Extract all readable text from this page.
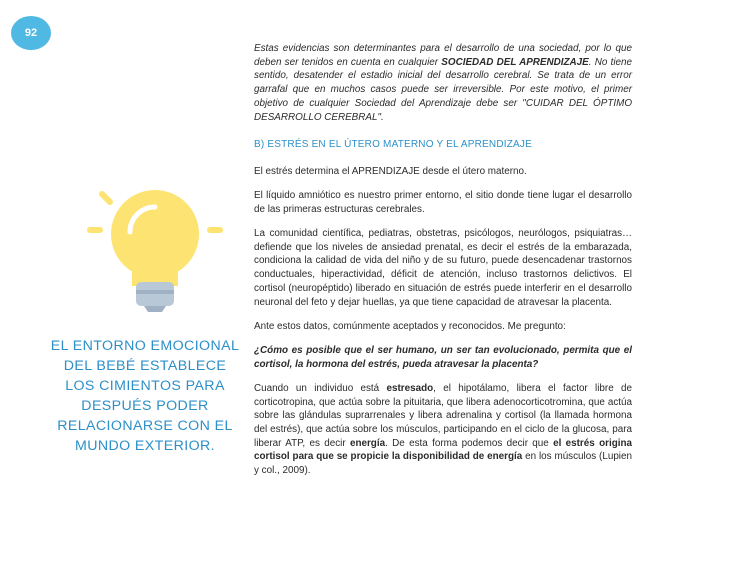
92
EL ENTORNO EMOCIONAL
DEL BEBÉ ESTABLECE
LOS CIMIENTOS PARA
DESPUÉS PODER
RELACIONARSE CON EL
MUNDO EXTERIOR.

Estas evidencias son determinantes para el desarrollo de una sociedad, por lo que deben ser tenidos en cuenta en cualquier SOCIEDAD DEL APRENDIZAJE. No tiene sentido, desatender el estadio inicial del desarrollo cerebral. Se trata de un error garrafal que en muchos casos puede ser irreversible. Por este motivo, el primer objetivo de cualquier Sociedad del Aprendizaje debe ser "CUIDAR DEL ÓPTIMO DESARROLLO CEREBRAL".

B) ESTRÉS EN EL ÚTERO MATERNO Y EL APRENDIZAJE

El estrés determina el APRENDIZAJE desde el útero materno.

El líquido amniótico es nuestro primer entorno, el sitio donde tiene lugar el desarrollo de las primeras estructuras cerebrales.

La comunidad científica, pediatras, obstetras, psicólogos, neurólogos, psiquiatras… defiende que los niveles de ansiedad prenatal, es decir el estrés de la embarazada, condiciona la calidad de vida del niño y de su futuro, puede desencadenar trastornos conductuales, hiperactividad, déficit de atención, incluso trastornos delictivos. El cortisol (neuropéptido) liberado en situación de estrés puede interferir en el desarrollo neuronal del feto y dejar huellas, ya que tiene capacidad de atravesar la placenta.

Ante estos datos, comúnmente aceptados y reconocidos. Me pregunto:

¿Cómo es posible que el ser humano, un ser tan evolucionado, permita que el cortisol, la hormona del estrés, pueda atravesar la placenta?

Cuando un individuo está estresado, el hipotálamo, libera el factor libre de corticotropina, que actúa sobre la pituitaria, que libera adenocorticotromina, que actúa sobre las glándulas suprarrenales y libera adrenalina y cortisol (la llamada hormona del estrés), que actúa sobre los músculos, participando en el ciclo de la glucosa, para liberar ATP, es decir energía. De esta forma podemos decir que el estrés origina cortisol para que se propicie la disponibilidad de energía en los músculos (Lupien y col., 2009).
